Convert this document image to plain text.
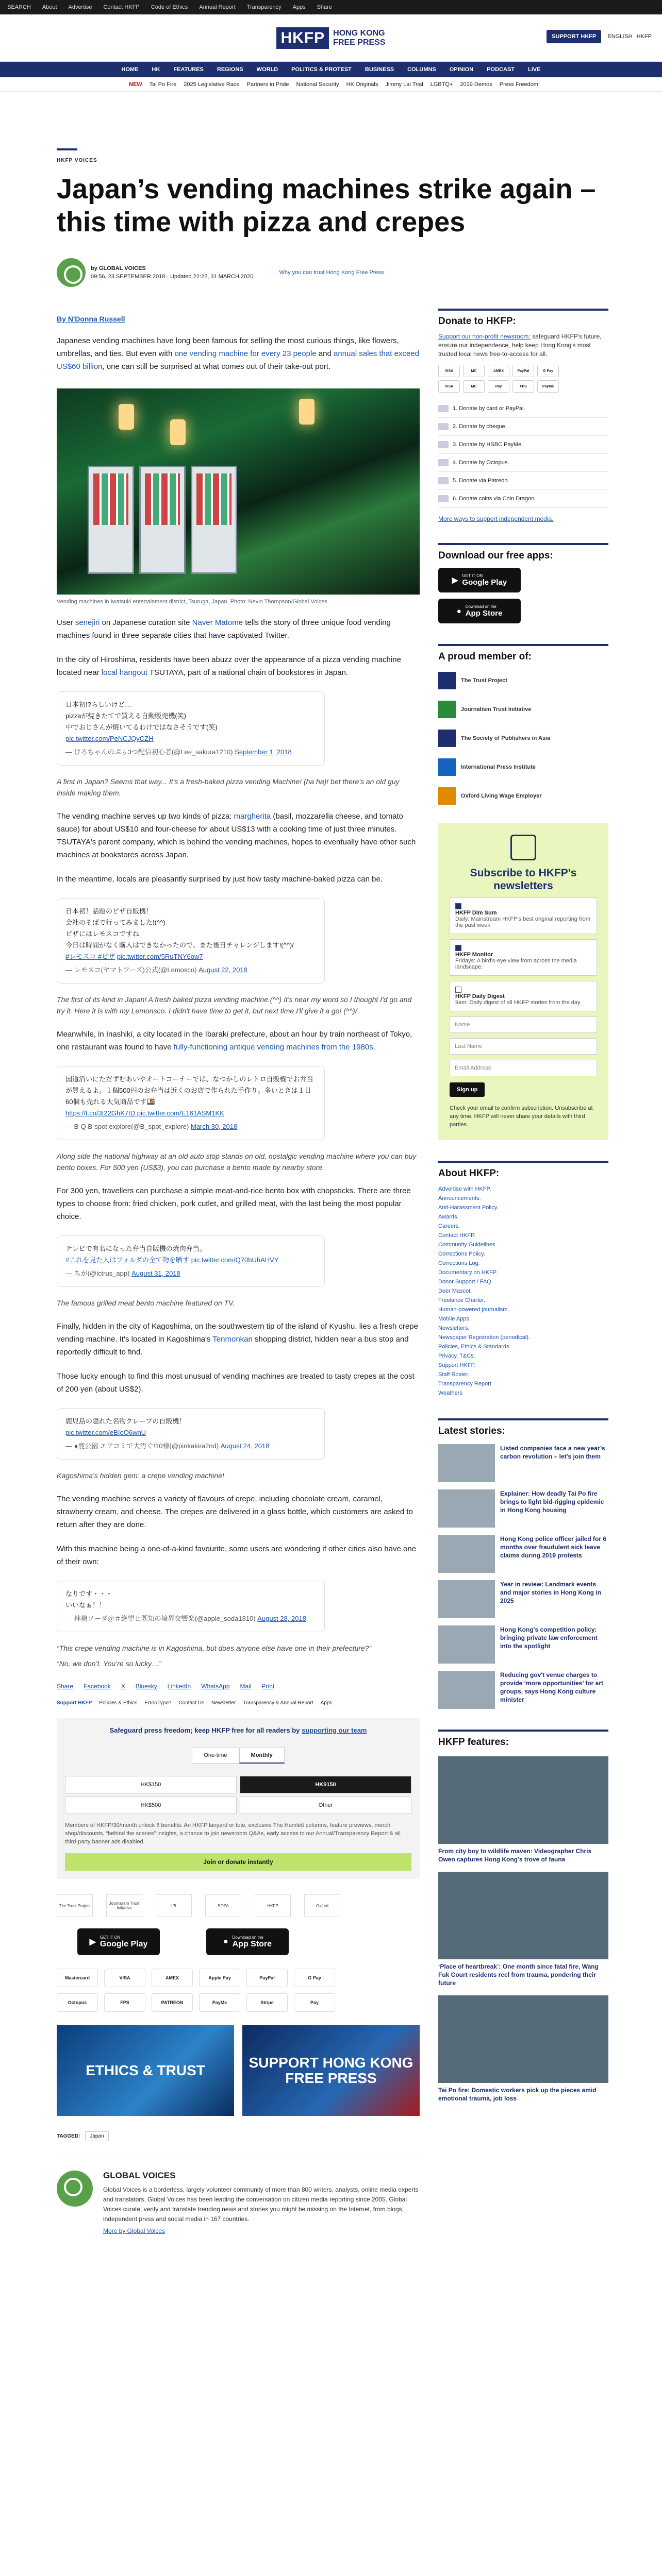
SEARCH About Advertise Contact HKFP Code of Ethics Annual Report Transparency Apps Share
HKFP	HONG KONG
FREE PRESS
SUPPORT HKFP	ENGLISH HKFP
HOME HK FEATURES REGIONS WORLD POLITICS & PROTEST BUSINESS COLUMNS OPINION PODCAST LIVE
NEW Tai Po Fire 2025 Legislative Race Partners in Pride National Security HK Originals Jimmy Lai Trial LGBTQ+ 2019 Demos Press Freedom
HKFP VOICES
Japan’s vending machines strike again – this time with pizza and crepes
by GLOBAL VOICES
09:56, 23 SEPTEMBER 2018 · Updated 22:22, 31 MARCH 2020
Why you can trust Hong Kong Free Press
By N'Donna Russell

Japanese vending machines have long been famous for selling the most curious things, like flowers, umbrellas, and ties. But even with one vending machine for every 23 people and annual sales that exceed US$60 billion, one can still be surprised at what comes out of their take-out port.

Vending machines in Iwatsuki entertainment district, Tsuruga, Japan. Photo: Nevin Thompson/Global Voices.

User senejiri on Japanese curation site Naver Matome tells the story of three unique food vending machines found in three separate cities that have captivated Twitter.

In the city of Hiroshima, residents have been abuzz over the appearance of a pizza vending machine located near local hangout TSUTAYA, part of a national chain of bookstores in Japan.

日本初!?らしいけど…
pizzaが焼きたてで買える自動販売機(笑)
中でおじさんが焼いてるわけではなさそうです(笑)
pic.twitter.com/PeNCJQyCZH
— けろちゃんのぷぅ3つ配信初心者(@Lee_sakura1210) September 1, 2018

A first in Japan? Seems that way... It's a fresh-baked pizza vending Machine! (ha ha)! bet there's an old guy inside making them.

The vending machine serves up two kinds of pizza: margherita (basil, mozzarella cheese, and tomato sauce) for about US$10 and four-cheese for about US$13 with a cooking time of just three minutes. TSUTAYA's parent company, which is behind the vending machines, hopes to eventually have other such machines at bookstores across Japan.

In the meantime, locals are pleasantly surprised by just how tasty machine-baked pizza can be.

日本初！話題のピザ自販機！
会社のそばで行ってみました!(^^)
ピザにはレモスコですね
今日は時間がなく購入はできなかったので、また後日チャレンジします!(^^)/
#レモスコ #ピザ pic.twitter.com/5RuTNY6ow7
— レモスコ(ヤマトフーズ)公式(@Lemosco) August 22, 2018

The first of its kind in Japan! A fresh baked pizza vending machine.(^^) It's near my word so I thought I'd go and try it. Here it is with my Lemonsco. I didn't have time to get it, but next time I'll give it a go! (^^)/

Meanwhile, in Inashiki, a city located in the Ibaraki prefecture, about an hour by train northeast of Tokyo, one restaurant was found to have fully-functioning antique vending machines from the 1980s.

国道沿いにただずむあいやオートコーナーでは、なつかしのレトロ自販機でお弁当が買えるよ。１個500円のお弁当は近くのお店で作られた手作り。多いときは１日60個も売れる大気商品です🍱
https://t.co/3t22GhK7tD pic.twitter.com/E161ASM1KK
— B-Q B-spot explore(@B_spot_explore) March 30, 2018

Along side the national highway at an old auto stop stands on old, nostalgic vending machine where you can buy bento boxes. For 500 yen (US$3), you can purchase a bento made by nearby store.

For 300 yen, travellers can purchase a simple meat-and-rice bento box with chopsticks. There are three types to choose from: fried chicken, pork cutlet, and grilled meat, with the last being the most popular choice.

テレビで有名になった弁当自販機の焼肉弁当。
#これを見た人はフォルダの全て物を晒す pic.twitter.com/Q70bUhAHVY
— ちが(@ictrus_app) August 31, 2018

The famous grilled meat bento machine featured on TV.

Finally, hidden in the city of Kagoshima, on the southwestern tip of the island of Kyushu, lies a fresh crepe vending machine. It's located in Kagoshima's Tenmonkan shopping district, hidden near a bus stop and reportedly difficult to find.

Those lucky enough to find this most unusual of vending machines are treated to tasty crepes at the cost of 200 yen (about US$2).

鹿児島の隠れた名物クレープの自販機！
pic.twitter.com/eBIoO6wnU
— ●鹿公園 エアコミで大汚ぐ!10様(@pinkakira2nd) August 24, 2018

Kagoshima's hidden gem: a crepe vending machine!

The vending machine serves a variety of flavours of crepe, including chocolate cream, caramel, strawberry cream, and cheese. The crepes are delivered in a glass bottle, which customers are asked to return after they are done.

With this machine being a one-of-a-kind favourite, some users are wondering if other cities also have one of their own:

なりです・・・
いいなぁ！！
— 林檎ソーダ＠＃絶望と既知の境界交響楽(@apple_soda1810) August 28, 2018

“This crepe vending machine is in Kagoshima, but does anyone else have one in their prefecture?”

“No, we don’t. You’re so lucky…”

Share Facebook X Bluesky LinkedIn WhatsApp Mail Print
Support HKFP Policies & Ethics Error/Typo? Contact Us Newsletter Transparency & Annual Report Apps
Safeguard press freedom; keep HKFP free for all readers by supporting our team
One-time	Monthly
HK$150	HK$150
HK$500	Other
Members of HKFP/30/month unlock 6 benefits: An HKFP lanyard or tote, exclusive The Hamlett columns, feature previews, merch shop/discounts, “behind the scenes” insights, a chance to join newsroom Q&As, early access to our Annual/Transparency Report & all third-party banner ads disabled.
Join or donate instantly
The Trust Project	Journalism Trust Initiative	IPI	SOPA	HKFP	Oxford
▶
GET IT ON
Google Play	● Download on the
App Store
Mastercard	VISA	AMEX	Apple Pay	PayPal	G Pay
Octopus	FPS	PATREON	PayMe	Stripe	Pay
ETHICS & TRUST	SUPPORT HONG KONG FREE PRESS
TAGGED:	Japan
GLOBAL VOICES

Global Voices is a borderless, largely volunteer community of more than 800 writers, analysts, online media experts and translators. Global Voices has been leading the conversation on citizen media reporting since 2005. Global Voices curate, verify and translate trending news and stories you might be missing on the Internet, from blogs, independent press and social media in 167 countries.

More by Global Voices
Donate to HKFP:
Support our non-profit newsroom: safeguard HKFP's future, ensure our independence, help keep Hong Kong's most trusted local news free-to-access for all.
VISA	MC	AMEX	PayPal	G Pay
VISA	MC	Pay	FPS	PayMe
1. Donate by card or PayPal.
2. Donate by cheque.
3. Donate by HSBC PayMe.
4. Donate by Octopus.
5. Donate via Patreon.
6. Donate coins via Coin Dragon.
More ways to support independent media.
Download our free apps:
▶
GET IT ON
Google Play
● Download on the
App Store
A proud member of:
The Trust Project
Journalism Trust Initiative
The Society of Publishers in Asia
International Press Institute
Oxford Living Wage Employer
Subscribe to HKFP's newsletters
HKFP Dim Sum
Daily: Mainstream HKFP's best original reporting from the past week.
HKFP Monitor
Fridays: A bird's-eye view from across the media landscape.
HKFP Daily Digest
9am: Daily digest of all HKFP stories from the day.
Name
Last Name
Email Address
Sign up
Check your email to confirm subscription. Unsubscribe at any time. HKFP will never share your details with third parties.
About HKFP:
Advertise with HKFP.
Announcements.
Anti-Harassment Policy.
Awards.
Careers.
Contact HKFP.
Community Guidelines.
Corrections Policy.
Corrections Log.
Documentary on HKFP.
Donor Support / FAQ.
Deer Mascot.
Freelance Charter.
Human-powered journalism.
Mobile Apps.
Newsletters.
Newspaper Registration (periodical).
Policies, Ethics & Standards.
Privacy, T&Cs.
Support HKFP.
Staff Roster.
Transparency Report.
Weathers
Latest stories:
Listed companies face a new year’s carbon revolution – let's join them
Explainer: How deadly Tai Po fire brings to light bid-rigging epidemic in Hong Kong housing
Hong Kong police officer jailed for 6 months over fraudulent sick leave claims during 2019 protests
Year in review: Landmark events and major stories in Hong Kong in 2025
Hong Kong's competition policy: bringing private law enforcement into the spotlight
Reducing gov't venue charges to provide ‘more opportunities’ for art groups, says Hong Kong culture minister
HKFP features:
From city boy to wildlife maven: Videographer Chris Owen captures Hong Kong's trove of fauna
‘Place of heartbreak’: One month since fatal fire, Wang Fuk Court residents reel from trauma, pondering their future
Tai Po fire: Domestic workers pick up the pieces amid emotional trauma, job loss
